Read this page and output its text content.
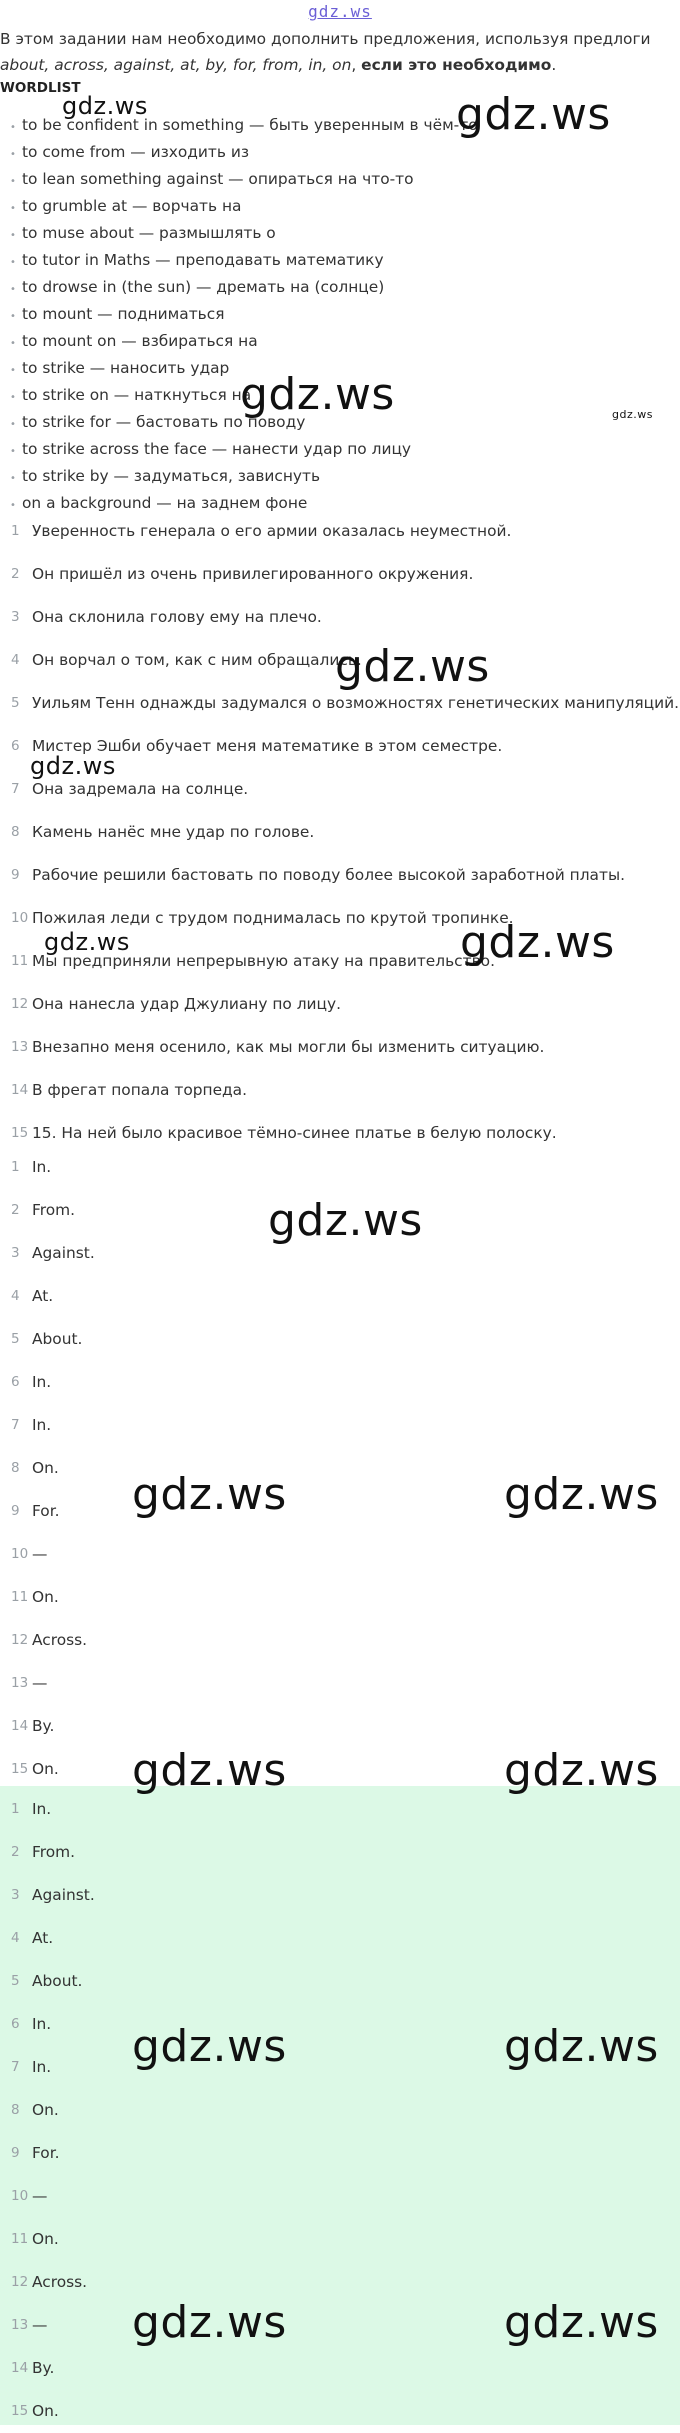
gdz.ws
В этом задании нам необходимо дополнить предложения, используя предлоги about, across, against, at, by, for, from, in, on, если это необходимо.
WORDLIST
• to be confident in something — быть уверенным в чём-то
• to come from — изходить из
• to lean something against — опираться на что-то
• to grumble at — ворчать на
• to muse about — размышлять о
• to tutor in Maths — преподавать математику
• to drowse in (the sun) — дремать на (солнце)
• to mount — подниматься
• to mount on — взбираться на
• to strike — наносить удар
• to strike on — наткнуться на
• to strike for — бастовать по поводу
• to strike across the face — нанести удар по лицу
• to strike by — задуматься, зависнуть
• on a background — на заднем фоне
1 Уверенность генерала о его армии оказалась неуместной.
2 Он пришёл из очень привилегированного окружения.
3 Она склонила голову ему на плечо.
4 Он ворчал о том, как с ним обращались.
5 Уильям Тенн однажды задумался о возможностях генетических манипуляций.
6 Мистер Эшби обучает меня математике в этом семестре.
7 Она задремала на солнце.
8 Камень нанёс мне удар по голове.
9 Рабочие решили бастовать по поводу более высокой заработной платы.
10 Пожилая леди с трудом поднималась по крутой тропинке.
11 Мы предприняли непрерывную атаку на правительство.
12 Она нанесла удар Джулиану по лицу.
13 Внезапно меня осенило, как мы могли бы изменить ситуацию.
14 В фрегат попала торпеда.
15 15. На ней было красивое тёмно-синее платье в белую полоску.
1 In.
2 From.
3 Against.
4 At.
5 About.
6 In.
7 In.
8 On.
9 For.
10 —
11 On.
12 Across.
13 —
14 By.
15 On.
1 In.
2 From.
3 Against.
4 At.
5 About.
6 In.
7 In.
8 On.
9 For.
10 —
11 On.
12 Across.
13 —
14 By.
15 On.
gdz.ws	gdz.ws
gdz.ws	gdz.ws
gdz.ws
gdz.ws
gdz.ws	gdz.ws
gdz.ws
gdz.ws	gdz.ws
gdz.ws	gdz.ws
gdz.ws	gdz.ws
gdz.ws	gdz.ws
